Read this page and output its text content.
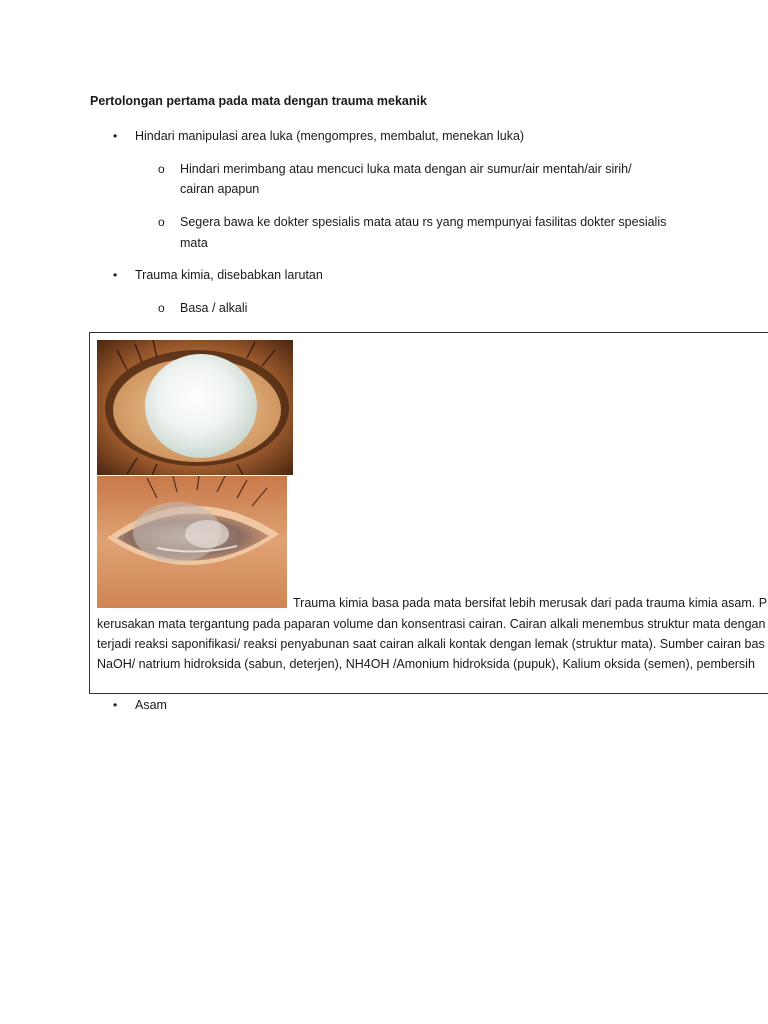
Pertolongan pertama pada mata dengan trauma mekanik
• Hindari manipulasi area luka (mengompres, membalut, menekan luka)
o Hindari merimbang atau mencuci luka mata dengan air sumur/air mentah/air sirih/
cairan apapun
o Segera bawa ke dokter spesialis mata atau rs yang mempunyai fasilitas dokter spesialis
mata
• Trauma kimia, disebabkan larutan
o Basa / alkali
Trauma kimia basa pada mata bersifat lebih merusak dari pada trauma kimia asam. P
kerusakan mata tergantung pada paparan volume dan konsentrasi cairan. Cairan alkali menembus struktur mata dengan
terjadi reaksi saponifikasi/ reaksi penyabunan saat cairan alkali kontak dengan lemak (struktur mata). Sumber cairan bas
NaOH/ natrium hidroksida (sabun, deterjen), NH4OH /Amonium hidroksida (pupuk), Kalium oksida (semen), pembersih
• Asam
